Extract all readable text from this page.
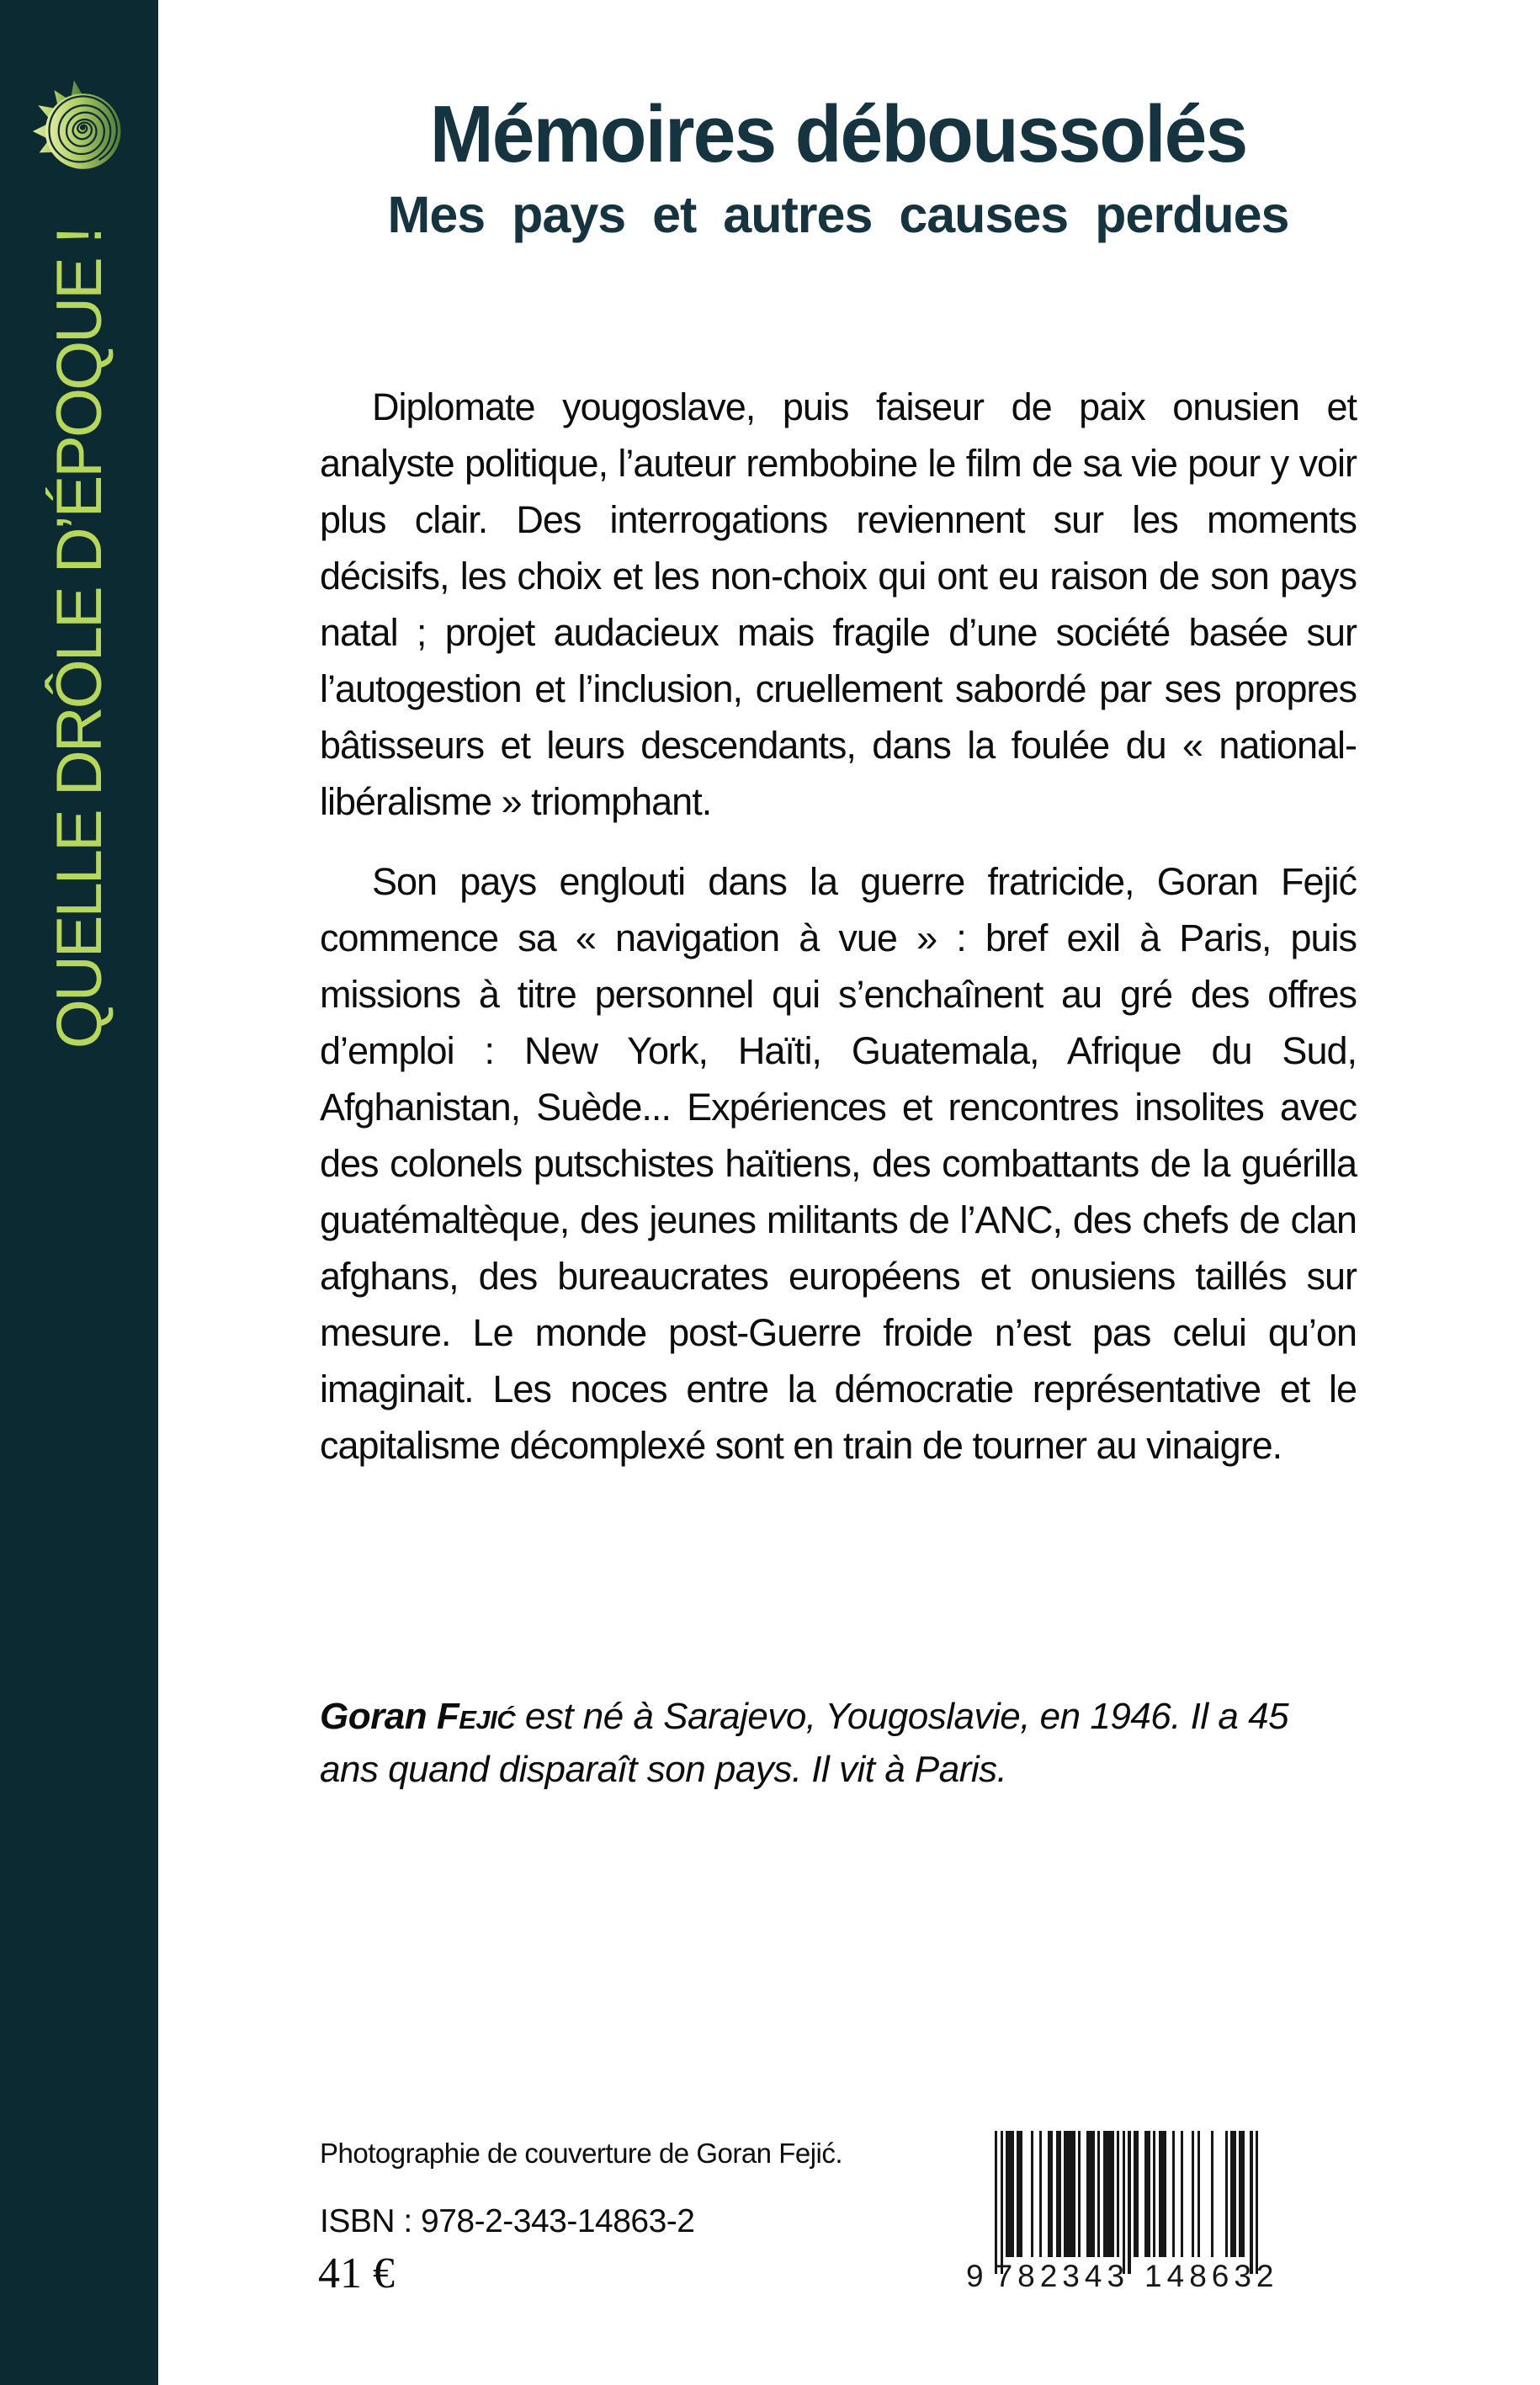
QUELLE DRÔLE D’ÉPOQUE !
Mémoires déboussolés
Mes pays et autres causes perdues

Diplomate yougoslave, puis faiseur de paix onusien et analyste politique, l’auteur rembobine le film de sa vie pour y voir plus clair. Des interrogations reviennent sur les moments décisifs, les choix et les non-choix qui ont eu raison de son pays natal ; projet audacieux mais fragile d’une société basée sur l’autogestion et l’inclusion, cruellement sabordé par ses propres bâtisseurs et leurs descendants, dans la foulée du « national-libéralisme » triomphant.

Son pays englouti dans la guerre fratricide, Goran Fejić commence sa « navigation à vue » : bref exil à Paris, puis missions à titre personnel qui s’enchaînent au gré des offres d’emploi : New York, Haïti, Guatemala, Afrique du Sud, Afghanistan, Suède... Expériences et rencontres insolites avec des colonels putschistes haïtiens, des combattants de la guérilla guatémaltèque, des jeunes militants de l’ANC, des chefs de clan afghans, des bureaucrates européens et onusiens taillés sur mesure. Le monde post-Guerre froide n’est pas celui qu’on imaginait. Les noces entre la démocratie représentative et le capitalisme décomplexé sont en train de tourner au vinaigre.

Goran Fejić est né à Sarajevo, Yougoslavie, en 1946. Il a 45 ans quand disparaît son pays. Il vit à Paris.

Photographie de couverture de Goran Fejić.
ISBN : 978-2-343-14863-2
41 €	9 782343 148632
